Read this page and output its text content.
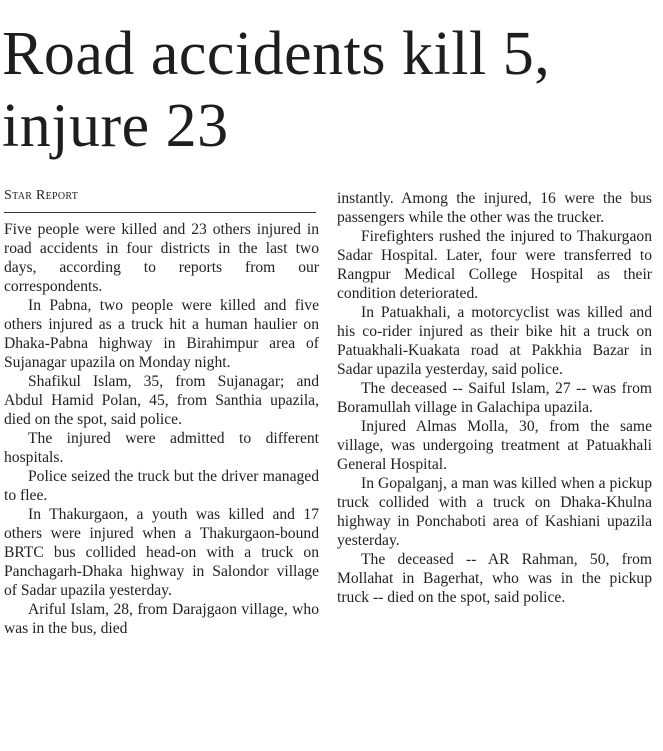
Road accidents kill 5, injure 23
Star Report

Five people were killed and 23 others injured in road accidents in four districts in the last two days, according to reports from our correspondents.

In Pabna, two people were killed and five others injured as a truck hit a human haulier on Dhaka-Pabna highway in Birahimpur area of Sujanagar upazila on Monday night.

Shafikul Islam, 35, from Sujanagar; and Abdul Hamid Polan, 45, from Santhia upazila, died on the spot, said police.

The injured were admitted to different hospitals.

Police seized the truck but the driver managed to flee.

In Thakurgaon, a youth was killed and 17 others were injured when a Thakurgaon-bound BRTC bus collided head-on with a truck on Panchagarh-Dhaka highway in Salondor village of Sadar upazila yesterday.

Ariful Islam, 28, from Darajgaon village, who was in the bus, died

instantly. Among the injured, 16 were the bus passengers while the other was the trucker.

Firefighters rushed the injured to Thakurgaon Sadar Hospital. Later, four were transferred to Rangpur Medical College Hospital as their condition deteriorated.

In Patuakhali, a motorcyclist was killed and his co-rider injured as their bike hit a truck on Patuakhali-Kuakata road at Pakkhia Bazar in Sadar upazila yesterday, said police.

The deceased -- Saiful Islam, 27 -- was from Boramullah village in Galachipa upazila.

Injured Almas Molla, 30, from the same village, was undergoing treatment at Patuakhali General Hospital.

In Gopalganj, a man was killed when a pickup truck collided with a truck on Dhaka-Khulna highway in Ponchaboti area of Kashiani upazila yesterday.

The deceased -- AR Rahman, 50, from Mollahat in Bagerhat, who was in the pickup truck -- died on the spot, said police.
